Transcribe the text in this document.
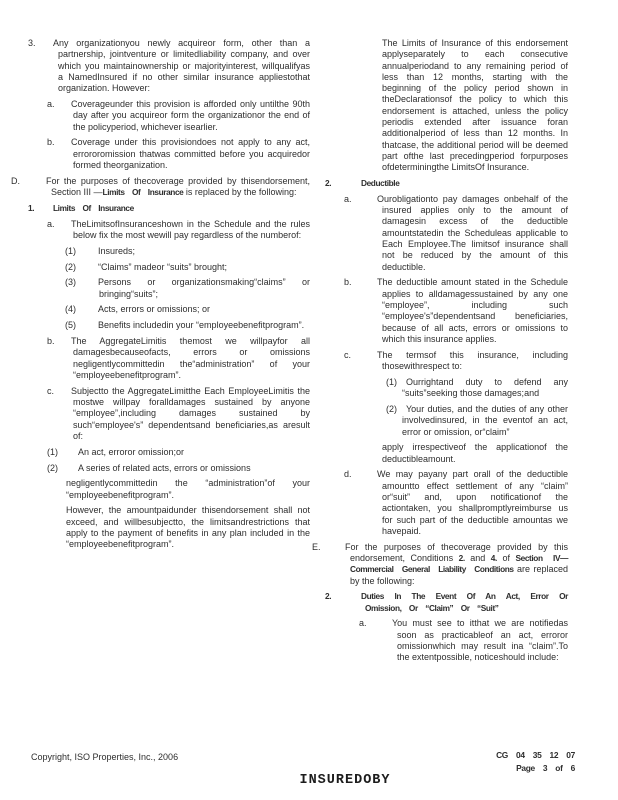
3. Any organizationyou newly acquireor form, other than a partnership, jointventure or limitedliability company, and over which you maintainownership or majorityinterest, willqualifyas a NamedInsured if no other similar insurance appliestothat organization. However:

a. Coverageunder this provision is afforded only untilthe 90th day after you acquireor form the organizationor the end of the policyperiod, whichever isearlier.

b. Coverage under this provisiondoes not apply to any act, errororomission thatwas committed before you acquiredor formed theorganization.

D.	For the purposes of thecoverage provided by thisendorsement, Section III —Limits Of Insurance is replaced by the following:

1. Limits Of Insurance

a. TheLimitsofInsuranceshown in the Schedule and the rules below fix the most wewill pay regardless of the numberof:

(1) Insureds;

(2) “Claims” madeor “suits” brought;

(3) Persons or organizationsmaking“claims” or bringing“suits”;

(4) Acts, errors or omissions; or

(5) Benefits includedin your “employeebenefitprogram”.

b. The AggregateLimitis themost we willpayfor all damagesbecauseofacts, errors or omissions negligentlycommittedin the“administration” of your “employeebenefitprogram”.

c. Subjectto the AggregateLimitthe Each EmployeeLimitis the mostwe willpay foralldamages sustained by anyone “employee”,including damages sustained by such“employee's” dependentsand beneficiaries,as aresult of:

(1) An act, erroror omission;or

(2) A series of related acts, errors or omissions

negligentlycommittedin the “administration”of your “employeebenefitprogram”.

However, the amountpaidunder thisendorsement shall not exceed, and willbesubjectto, the limitsandrestrictions that apply to the payment of benefits in any plan included in the “employeebenefitprogram”.

The Limits of Insurance of this endorsement applyseparately to each consecutive annualperiodand to any remaining period of less than 12 months, starting with the beginning of the policy period shown in theDeclarationsof the policy to which this endorsement is attached, unless the policy periodis extended after issuance foran additionalperiod of less than 12 months. In thatcase, the additional period will be deemed part ofthe last precedingperiod forpurposes ofdeterminingthe LimitsOf Insurance.

2.	Deductible

a.	Ourobligationto pay damages onbehalf of the insured applies only to the amount of damagesin excess of the deductible amountstatedin the Scheduleas applicable to Each Employee.The limitsof insurance shall not be reduced by the amount of this deductible.

b.	The deductible amount stated in the Schedule applies to alldamagessustained by any one “employee”, including such “employee's”dependentsand beneficiaries, because of all acts, errors or omissions to which this insurance applies.

c.	The termsof this insurance, including thosewithrespect to:

(1) Ourrightand duty to defend any “suits”seeking those damages;and

(2) Your duties, and the duties of any other involvedinsured, in the eventof an act, error or omission, or“claim”

apply irrespectiveof the applicationof the deductibleamount.

d.	We may payany part orall of the deductible amountto effect settlement of any “claim” or“suit” and, upon notificationof the actiontaken, you shallpromptlyreimburse us for such part of the deductible amountas we havepaid.

E.	For the purposes of thecoverage provided by this endorsement, Conditions 2. and 4. of Section IV— Commercial General Liability Conditions are replaced by the following:

2.	Duties In The Event Of An Act, Error Or Omission, Or “Claim” Or “Suit”

a.	You must see to itthat we are notifiedas soon as practicableof an act, erroror omissionwhich may result ina “claim”.To the extentpossible, noticeshould include:

Copyright, ISO Properties, Inc., 2006	CG 04 35 12 07
Page 3 of 6
INSUREDOBY
